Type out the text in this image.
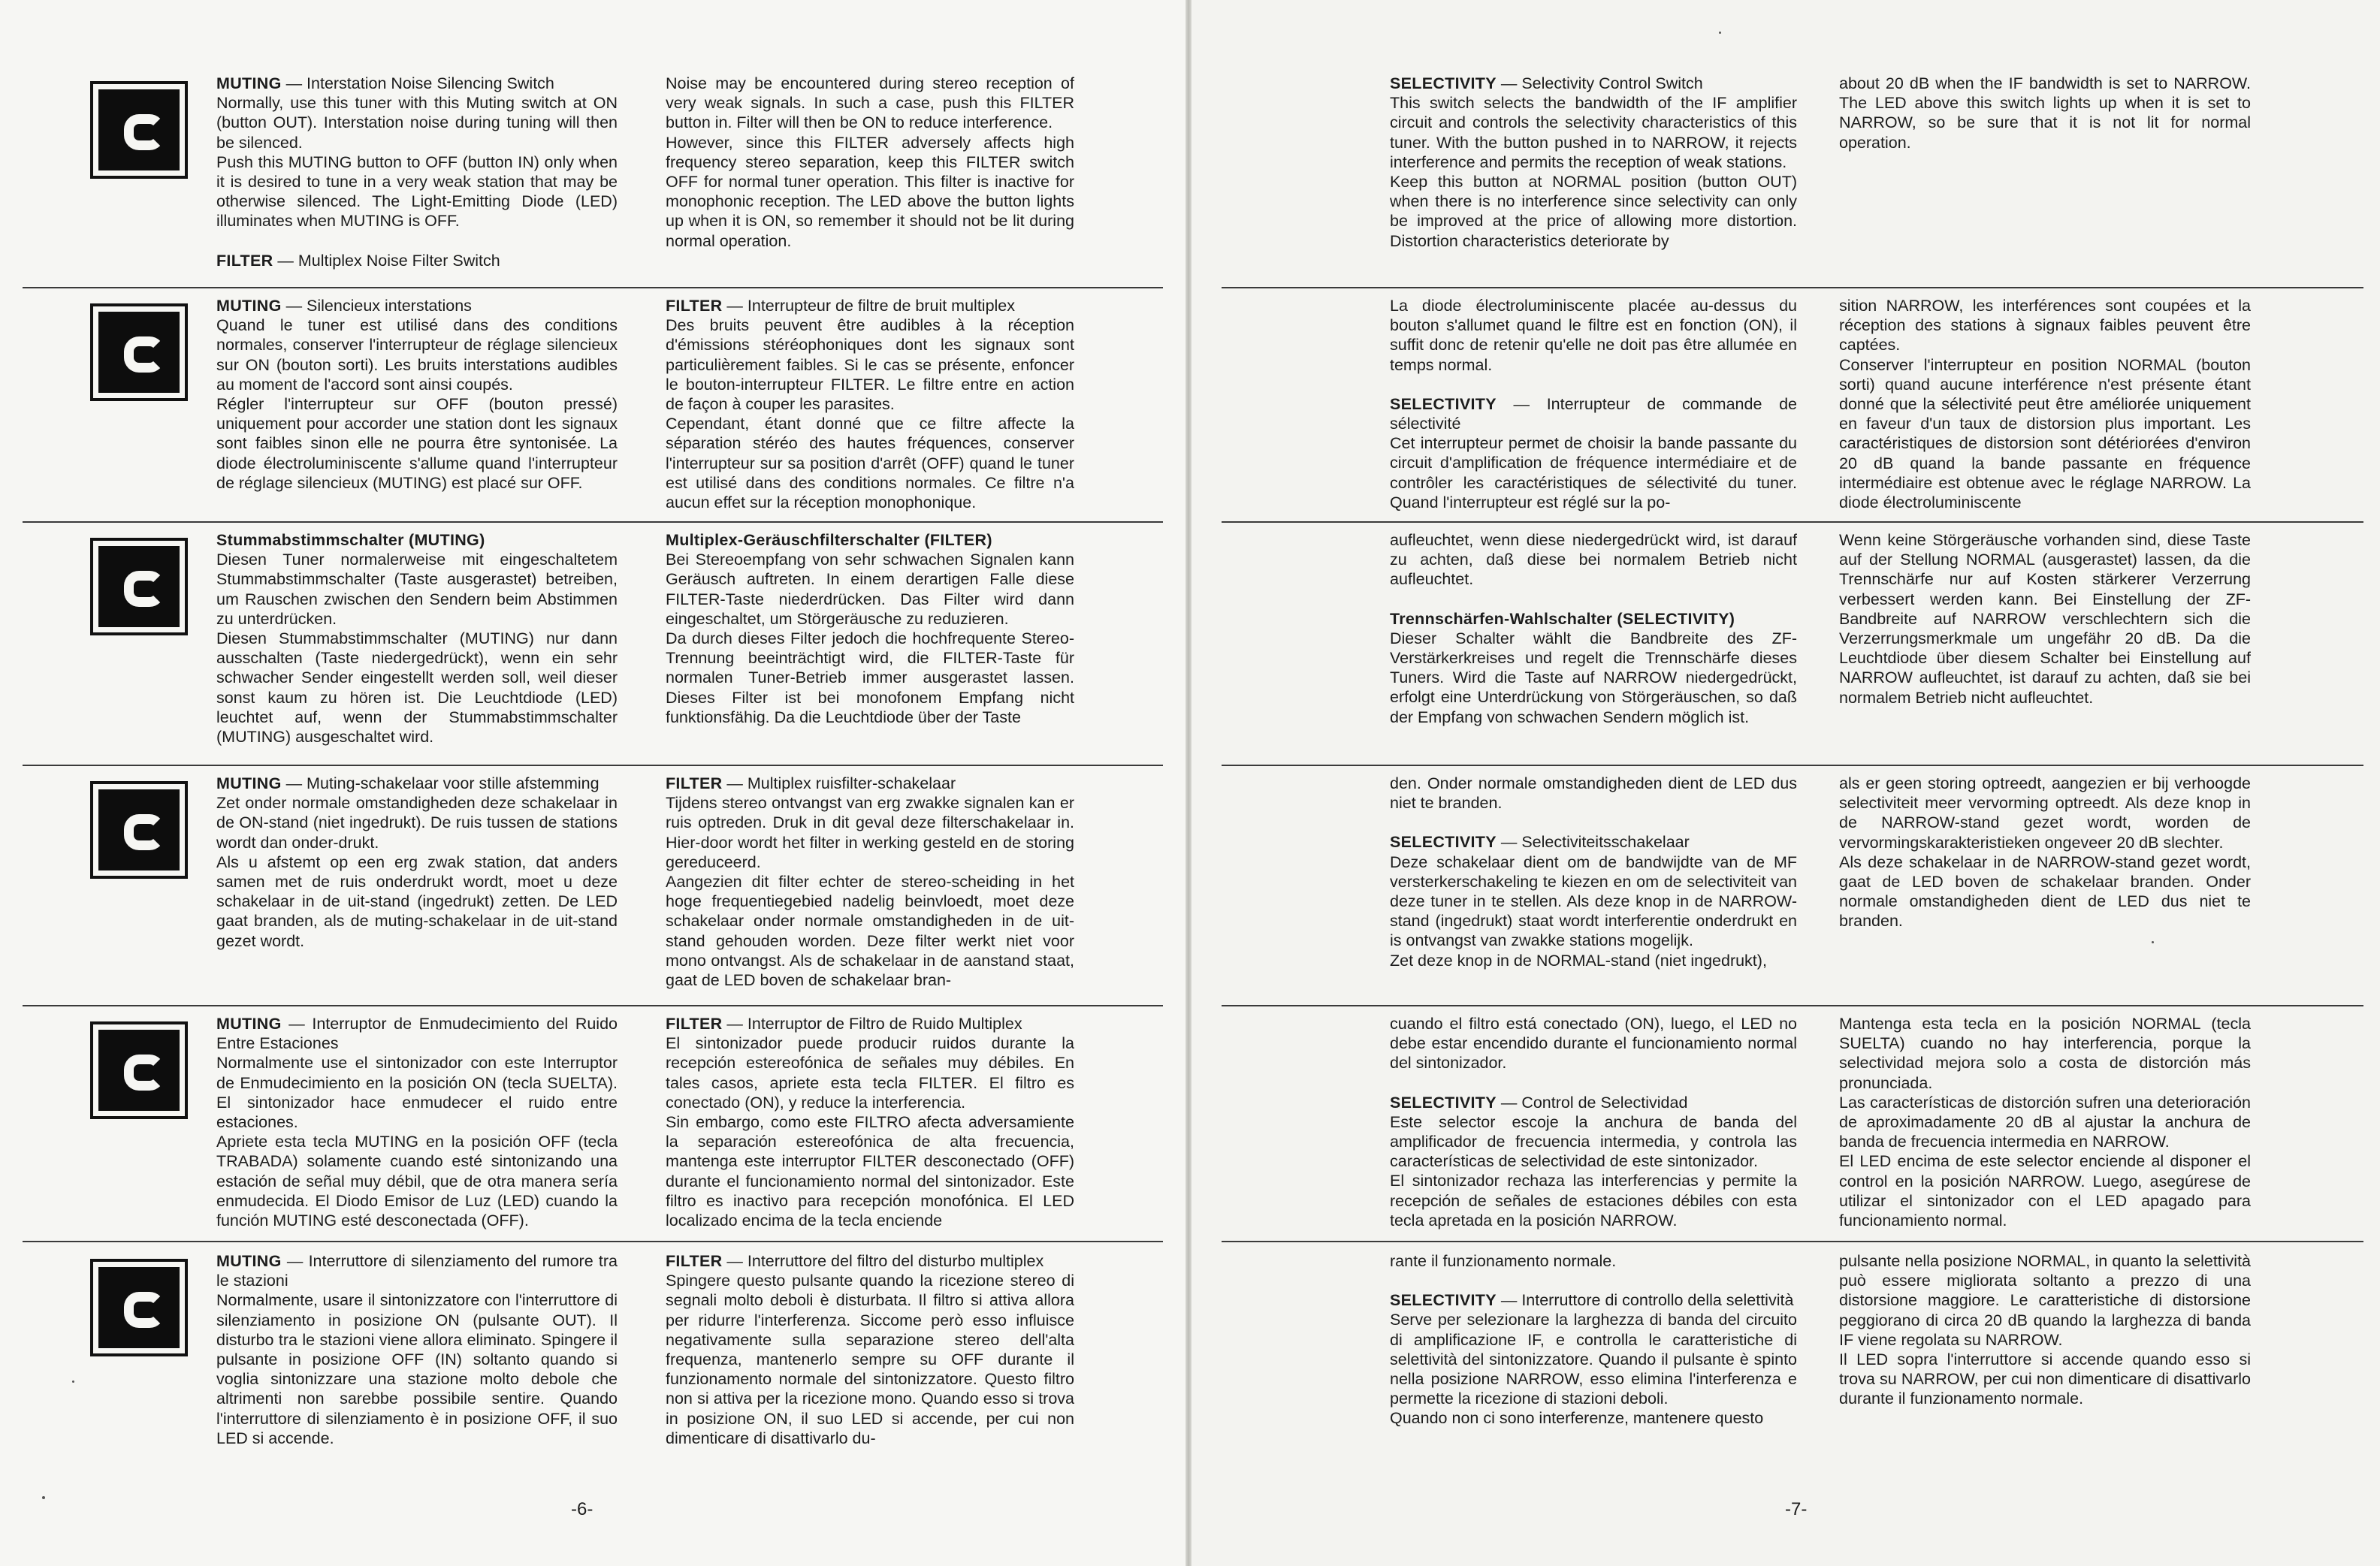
MUTING — Interstation Noise Silencing Switch

Normally, use this tuner with this Muting switch at ON (button OUT). Interstation noise during tuning will then be silenced.

Push this MUTING button to OFF (button IN) only when it is desired to tune in a very weak station that may be otherwise silenced. The Light-Emitting Diode (LED) illuminates when MUTING is OFF.

FILTER — Multiplex Noise Filter Switch

Noise may be encountered during stereo reception of very weak signals. In such a case, push this FILTER button in. Filter will then be ON to reduce interference.

However, since this FILTER adversely affects high frequency stereo separation, keep this FILTER switch OFF for normal tuner operation. This filter is inactive for monophonic reception. The LED above the button lights up when it is ON, so remember it should not be lit during normal operation.

MUTING — Silencieux interstations

Quand le tuner est utilisé dans des conditions normales, conserver l'interrupteur de réglage silencieux sur ON (bouton sorti). Les bruits interstations audibles au moment de l'accord sont ainsi coupés.

Régler l'interrupteur sur OFF (bouton pressé) uniquement pour accorder une station dont les signaux sont faibles sinon elle ne pourra être syntonisée. La diode électroluminiscente s'allume quand l'interrupteur de réglage silencieux (MUTING) est placé sur OFF.

FILTER — Interrupteur de filtre de bruit multiplex

Des bruits peuvent être audibles à la réception d'émissions stéréophoniques dont les signaux sont particulièrement faibles. Si le cas se présente, enfoncer le bouton-interrupteur FILTER. Le filtre entre en action de façon à couper les parasites.

Cependant, étant donné que ce filtre affecte la séparation stéréo des hautes fréquences, conserver l'interrupteur sur sa position d'arrêt (OFF) quand le tuner est utilisé dans des conditions normales. Ce filtre n'a aucun effet sur la réception monophonique.

Stummabstimmschalter (MUTING)

Diesen Tuner normalerweise mit eingeschaltetem Stummabstimmschalter (Taste ausgerastet) betreiben, um Rauschen zwischen den Sendern beim Abstimmen zu unterdrücken.

Diesen Stummabstimmschalter (MUTING) nur dann ausschalten (Taste niedergedrückt), wenn ein sehr schwacher Sender eingestellt werden soll, weil dieser sonst kaum zu hören ist. Die Leuchtdiode (LED) leuchtet auf, wenn der Stummabstimmschalter (MUTING) ausgeschaltet wird.

Multiplex-Geräuschfilterschalter (FILTER)

Bei Stereoempfang von sehr schwachen Signalen kann Geräusch auftreten. In einem derartigen Falle diese FILTER-Taste niederdrücken. Das Filter wird dann eingeschaltet, um Störgeräusche zu reduzieren.

Da durch dieses Filter jedoch die hochfrequente Stereo-Trennung beeinträchtigt wird, die FILTER-Taste für normalen Tuner-Betrieb immer ausgerastet lassen. Dieses Filter ist bei monofonem Empfang nicht funktionsfähig. Da die Leuchtdiode über der Taste

MUTING — Muting-schakelaar voor stille afstemming

Zet onder normale omstandigheden deze schakelaar in de ON-stand (niet ingedrukt). De ruis tussen de stations wordt dan onder-drukt.

Als u afstemt op een erg zwak station, dat anders samen met de ruis onderdrukt wordt, moet u deze schakelaar in de uit-stand (ingedrukt) zetten. De LED gaat branden, als de muting-schakelaar in de uit-stand gezet wordt.

FILTER — Multiplex ruisfilter-schakelaar

Tijdens stereo ontvangst van erg zwakke signalen kan er ruis optreden. Druk in dit geval deze filterschakelaar in. Hier-door wordt het filter in werking gesteld en de storing gereduceerd.

Aangezien dit filter echter de stereo-scheiding in het hoge frequentiegebied nadelig beinvloedt, moet deze schakelaar onder normale omstandigheden in de uit-stand gehouden worden. Deze filter werkt niet voor mono ontvangst. Als de schakelaar in de aanstand staat, gaat de LED boven de schakelaar bran-

MUTING — Interruptor de Enmudecimiento del Ruido Entre Estaciones

Normalmente use el sintonizador con este Interruptor de Enmudecimiento en la posición ON (tecla SUELTA). El sintonizador hace enmudecer el ruido entre estaciones.

Apriete esta tecla MUTING en la posición OFF (tecla TRABADA) solamente cuando esté sintonizando una estación de señal muy débil, que de otra manera sería enmudecida. El Diodo Emisor de Luz (LED) cuando la función MUTING esté desconectada (OFF).

FILTER — Interruptor de Filtro de Ruido Multiplex

El sintonizador puede producir ruidos durante la recepción estereofónica de señales muy débiles. En tales casos, apriete esta tecla FILTER. El filtro es conectado (ON), y reduce la interferencia.

Sin embargo, como este FILTRO afecta adversamiente la separación estereofónica de alta frecuencia, mantenga este interruptor FILTER desconectado (OFF) durante el funcionamiento normal del sintonizador. Este filtro es inactivo para recepción monofónica. El LED localizado encima de la tecla enciende

MUTING — Interruttore di silenziamento del rumore tra le stazioni

Normalmente, usare il sintonizzatore con l'interruttore di silenziamento in posizione ON (pulsante OUT). Il disturbo tra le stazioni viene allora eliminato. Spingere il pulsante in posizione OFF (IN) soltanto quando si voglia sintonizzare una stazione molto debole che altrimenti non sarebbe possibile sentire. Quando l'interruttore di silenziamento è in posizione OFF, il suo LED si accende.

FILTER — Interruttore del filtro del disturbo multiplex

Spingere questo pulsante quando la ricezione stereo di segnali molto deboli è disturbata. Il filtro si attiva allora per ridurre l'interferenza. Siccome però esso influisce negativamente sulla separazione stereo dell'alta frequenza, mantenerlo sempre su OFF durante il funzionamento normale del sintonizzatore. Questo filtro non si attiva per la ricezione mono. Quando esso si trova in posizione ON, il suo LED si accende, per cui non dimenticare di disattivarlo du-

-6-

SELECTIVITY — Selectivity Control Switch

This switch selects the bandwidth of the IF amplifier circuit and controls the selectivity characteristics of this tuner. With the button pushed in to NARROW, it rejects interference and permits the reception of weak stations.

Keep this button at NORMAL position (button OUT) when there is no interference since selectivity can only be improved at the price of allowing more distortion. Distortion characteristics deteriorate by

about 20 dB when the IF bandwidth is set to NARROW. The LED above this switch lights up when it is set to NARROW, so be sure that it is not lit for normal operation.

La diode électroluminiscente placée au-dessus du bouton s'allumet quand le filtre est en fonction (ON), il suffit donc de retenir qu'elle ne doit pas être allumée en temps normal.

SELECTIVITY — Interrupteur de commande de sélectivité

Cet interrupteur permet de choisir la bande passante du circuit d'amplification de fréquence intermédiaire et de contrôler les caractéristiques de sélectivité du tuner. Quand l'interrupteur est réglé sur la po-

sition NARROW, les interférences sont coupées et la réception des stations à signaux faibles peuvent être captées.

Conserver l'interrupteur en position NORMAL (bouton sorti) quand aucune interférence n'est présente étant donné que la sélectivité peut être améliorée uniquement en faveur d'un taux de distorsion plus important. Les caractéristiques de distorsion sont détériorées d'environ 20 dB quand la bande passante en fréquence intermédiaire est obtenue avec le réglage NARROW. La diode électroluminiscente

aufleuchtet, wenn diese niedergedrückt wird, ist darauf zu achten, daß diese bei normalem Betrieb nicht aufleuchtet.

Trennschärfen-Wahlschalter (SELECTIVITY)

Dieser Schalter wählt die Bandbreite des ZF-Verstärkerkreises und regelt die Trennschärfe dieses Tuners. Wird die Taste auf NARROW niedergedrückt, erfolgt eine Unterdrückung von Störgeräuschen, so daß der Empfang von schwachen Sendern möglich ist.

Wenn keine Störgeräusche vorhanden sind, diese Taste auf der Stellung NORMAL (ausgerastet) lassen, da die Trennschärfe nur auf Kosten stärkerer Verzerrung verbessert werden kann. Bei Einstellung der ZF-Bandbreite auf NARROW verschlechtern sich die Verzerrungsmerkmale um ungefähr 20 dB. Da die Leuchtdiode über diesem Schalter bei Einstellung auf NARROW aufleuchtet, ist darauf zu achten, daß sie bei normalem Betrieb nicht aufleuchtet.

den. Onder normale omstandigheden dient de LED dus niet te branden.

SELECTIVITY — Selectiviteitsschakelaar

Deze schakelaar dient om de bandwijdte van de MF versterkerschakeling te kiezen en om de selectiviteit van deze tuner in te stellen. Als deze knop in de NARROW-stand (ingedrukt) staat wordt interferentie onderdrukt en is ontvangst van zwakke stations mogelijk.

Zet deze knop in de NORMAL-stand (niet ingedrukt),

als er geen storing optreedt, aangezien er bij verhoogde selectiviteit meer vervorming optreedt. Als deze knop in de NARROW-stand gezet wordt, worden de vervormingskarakteristieken ongeveer 20 dB slechter.

Als deze schakelaar in de NARROW-stand gezet wordt, gaat de LED boven de schakelaar branden. Onder normale omstandigheden dient de LED dus niet te branden.

cuando el filtro está conectado (ON), luego, el LED no debe estar encendido durante el funcionamiento normal del sintonizador.

SELECTIVITY — Control de Selectividad

Este selector escoje la anchura de banda del amplificador de frecuencia intermedia, y controla las características de selectividad de este sintonizador.

El sintonizador rechaza las interferencias y permite la recepción de señales de estaciones débiles con esta tecla apretada en la posición NARROW.

Mantenga esta tecla en la posición NORMAL (tecla SUELTA) cuando no hay interferencia, porque la selectividad mejora solo a costa de distorción más pronunciada.

Las características de distorción sufren una deterioración de aproximadamente 20 dB al ajustar la anchura de banda de frecuencia intermedia en NARROW.

El LED encima de este selector enciende al disponer el control en la posición NARROW. Luego, asegúrese de utilizar el sintonizador con el LED apagado para funcionamiento normal.

rante il funzionamento normale.

SELECTIVITY — Interruttore di controllo della selettività

Serve per selezionare la larghezza di banda del circuito di amplificazione IF, e controlla le caratteristiche di selettività del sintonizzatore. Quando il pulsante è spinto nella posizione NARROW, esso elimina l'interferenza e permette la ricezione di stazioni deboli.

Quando non ci sono interferenze, mantenere questo

pulsante nella posizione NORMAL, in quanto la selettività può essere migliorata soltanto a prezzo di una distorsione maggiore. Le caratteristiche di distorsione peggiorano di circa 20 dB quando la larghezza di banda IF viene regolata su NARROW.

Il LED sopra l'interruttore si accende quando esso si trova su NARROW, per cui non dimenticare di disattivarlo durante il funzionamento normale.

-7-
